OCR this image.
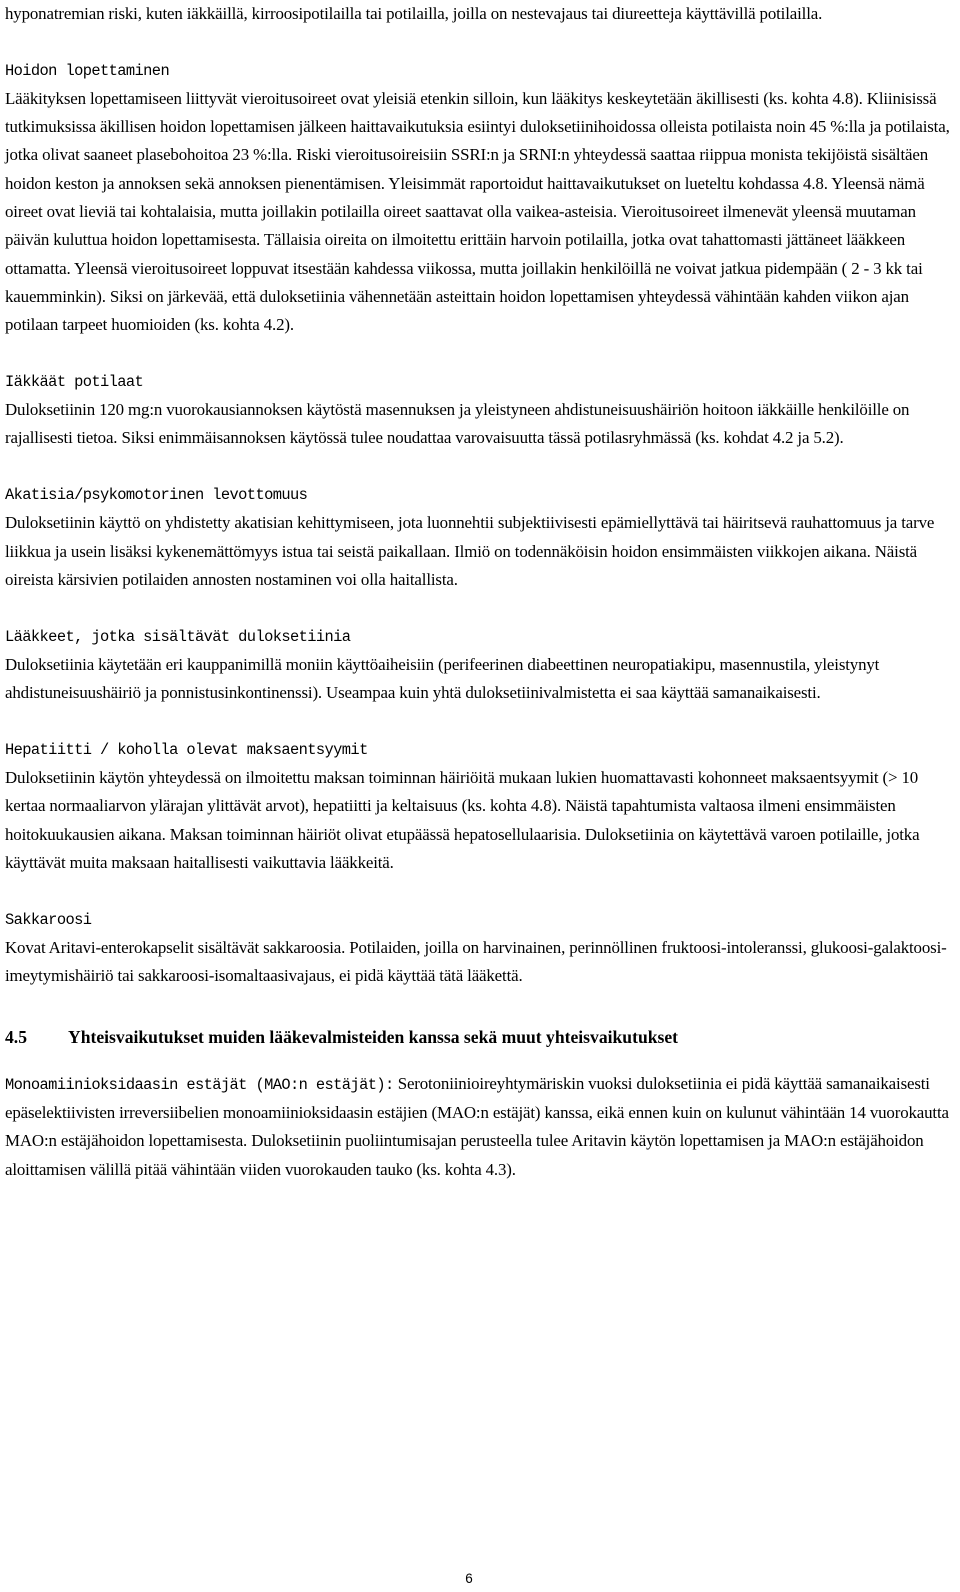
hyponatremian riski, kuten iäkkäillä, kirroosipotilailla tai potilailla, joilla on nestevajaus tai diureetteja käyttävillä potilailla.

Hoidon lopettaminen

Lääkityksen lopettamiseen liittyvät vieroitusoireet ovat yleisiä etenkin silloin, kun lääkitys keskeytetään äkillisesti (ks. kohta 4.8). Kliinisissä tutkimuksissa äkillisen hoidon lopettamisen jälkeen haittavaikutuksia esiintyi duloksetiinihoidossa olleista potilaista noin 45 %:lla ja potilaista, jotka olivat saaneet plasebohoitoa 23 %:lla. Riski vieroitusoireisiin SSRI:n ja SRNI:n yhteydessä saattaa riippua monista tekijöistä sisältäen hoidon keston ja annoksen sekä annoksen pienentämisen. Yleisimmät raportoidut haittavaikutukset on lueteltu kohdassa 4.8. Yleensä nämä oireet ovat lieviä tai kohtalaisia, mutta joillakin potilailla oireet saattavat olla vaikea-asteisia. Vieroitusoireet ilmenevät yleensä muutaman päivän kuluttua hoidon lopettamisesta. Tällaisia oireita on ilmoitettu erittäin harvoin potilailla, jotka ovat tahattomasti jättäneet lääkkeen ottamatta. Yleensä vieroitusoireet loppuvat itsestään kahdessa viikossa, mutta joillakin henkilöillä ne voivat jatkua pidempään ( 2 - 3 kk tai kauemminkin). Siksi on järkevää, että duloksetiinia vähennetään asteittain hoidon lopettamisen yhteydessä vähintään kahden viikon ajan potilaan tarpeet huomioiden (ks. kohta 4.2).

Iäkkäät potilaat

Duloksetiinin 120 mg:n vuorokausiannoksen käytöstä masennuksen ja yleistyneen ahdistuneisuushäiriön hoitoon iäkkäille henkilöille on rajallisesti tietoa. Siksi enimmäisannoksen käytössä tulee noudattaa varovaisuutta tässä potilasryhmässä (ks. kohdat 4.2 ja 5.2).

Akatisia/psykomotorinen levottomuus

Duloksetiinin käyttö on yhdistetty akatisian kehittymiseen, jota luonnehtii subjektiivisesti epämiellyttävä tai häiritsevä rauhattomuus ja tarve liikkua ja usein lisäksi kykenemättömyys istua tai seistä paikallaan. Ilmiö on todennäköisin hoidon ensimmäisten viikkojen aikana. Näistä oireista kärsivien potilaiden annosten nostaminen voi olla haitallista.

Lääkkeet, jotka sisältävät duloksetiinia

Duloksetiinia käytetään eri kauppanimillä moniin käyttöaiheisiin (perifeerinen diabeettinen neuropatiakipu, masennustila, yleistynyt ahdistuneisuushäiriö ja ponnistusinkontinenssi). Useampaa kuin yhtä duloksetiinivalmistetta ei saa käyttää samanaikaisesti.

Hepatiitti / koholla olevat maksaentsyymit

Duloksetiinin käytön yhteydessä on ilmoitettu maksan toiminnan häiriöitä mukaan lukien huomattavasti kohonneet maksaentsyymit (> 10 kertaa normaaliarvon ylärajan ylittävät arvot), hepatiitti ja keltaisuus (ks. kohta 4.8). Näistä tapahtumista valtaosa ilmeni ensimmäisten hoitokuukausien aikana. Maksan toiminnan häiriöt olivat etupäässä hepatosellulaarisia. Duloksetiinia on käytettävä varoen potilaille, jotka käyttävät muita maksaan haitallisesti vaikuttavia lääkkeitä.

Sakkaroosi

Kovat Aritavi-enterokapselit sisältävät sakkaroosia. Potilaiden, joilla on harvinainen, perinnöllinen fruktoosi-intoleranssi, glukoosi-galaktoosi-imeytymishäiriö tai sakkaroosi-isomaltaasivajaus, ei pidä käyttää tätä lääkettä.

4.5	Yhteisvaikutukset muiden lääkevalmisteiden kanssa sekä muut yhteisvaikutukset

Monoamiinioksidaasin estäjät (MAO:n estäjät): Serotoniinioireyhtymäriskin vuoksi duloksetiinia ei pidä käyttää samanaikaisesti epäselektiivisten irreversiibelien monoamiinioksidaasin estäjien (MAO:n estäjät) kanssa, eikä ennen kuin on kulunut vähintään 14 vuorokautta MAO:n estäjähoidon lopettamisesta. Duloksetiinin puoliintumisajan perusteella tulee Aritavin käytön lopettamisen ja MAO:n estäjähoidon aloittamisen välillä pitää vähintään viiden vuorokauden tauko (ks. kohta 4.3).

6
